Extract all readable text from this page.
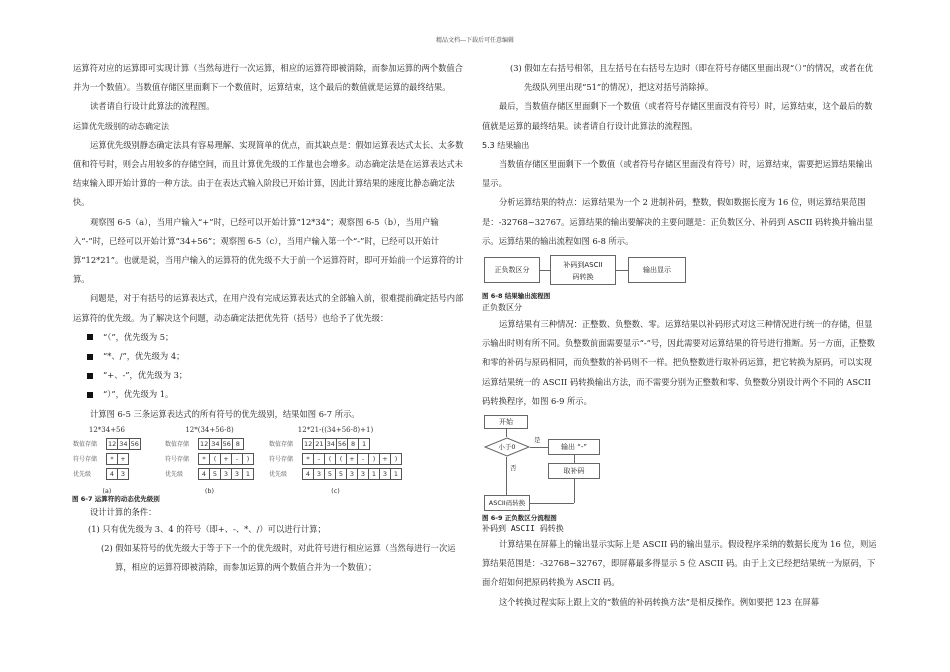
精品文档---下载后可任意编辑

运算符对应的运算即可实现计算（当然每进行一次运算，相应的运算符即被消除，而参加运算的两个数值合并为一个数值）。当数值存储区里面剩下一个数值时，运算结束，这个最后的数值就是运算的最终结果。

读者请自行设计此算法的流程图。

运算优先级别的动态确定法

运算优先级别静态确定法具有容易理解、实现简单的优点，而其缺点是：假如运算表达式太长、太多数值和符号时，则会占用较多的存储空间，而且计算优先级的工作量也会增多。动态确定法是在运算表达式未结束输入即开始计算的一种方法。由于在表达式输入阶段已开始计算，因此计算结果的速度比静态确定法快。

观察图 6-5（a），当用户输入“+”时，已经可以开始计算“12*34”；观察图 6-5（b），当用户输入“-”时，已经可以开始计算“34+56”；观察图 6-5（c），当用户输入第一个“-”时，已经可以开始计算“12*21”。也就是说，当用户输入的运算符的优先级不大于前一个运算符时，即可开始前一个运算符的计算。

问题是，对于有括号的运算表达式，在用户没有完成运算表达式的全部输入前，很难提前确定括号内部运算符的优先级。为了解决这个问题，动态确定法把优先符（括号）也给予了优先级：

“（”，优先级为 5；

“*、/”，优先级为 4；

“+、-”，优先级为 3；

“）”，优先级为 1。

计算图 6-5 三条运算表达式的所有符号的优先级别，结果如图 6-7 所示。

12*34+56
数值存储	12 34 56
符号存储	*	+
优先级	4	3
(a)
12*(34+56-8)
数值存储	12 34 56 8
符号存储	*	(	+	-	)
优先级	4	5	3	3	1
(b)
12*21-((34+56-8)+1)
数值存储	12 21 34 56 8	1
符号存储	*	-	(	(	+	-	)	+	)
优先级	4	3	5	5	3	3	1	3	1
(c)

图 6-7 运算符的动态优先级别

设计计算的条件：

(1) 只有优先级为 3、4 的符号（即+、-、*、/）可以进行计算；

(2) 假如某符号的优先级大于等于下一个的优先级时，对此符号进行相应运算（当然每进行一次运算，相应的运算符即被消除，而参加运算的两个数值合并为一个数值）；

(3) 假如左右括号相邻，且左括号在右括号左边时（即在符号存储区里面出现“（）”的情况，或者在优先级队列里出现“51”的情况），把这对括号消除掉。

最后，当数值存储区里面剩下一个数值（或者符号存储区里面没有符号）时，运算结束，这个最后的数值就是运算的最终结果。读者请自行设计此算法的流程图。

5.3 结果输出

当数值存储区里面剩下一个数值（或者符号存储区里面没有符号）时，运算结束，需要把运算结果输出显示。

分析运算结果的特点：运算结果为一个 2 进制补码，整数，假如数据长度为 16 位，则运算结果范围是：-32768~32767。运算结果的输出要解决的主要问题是：正负数区分、补码到 ASCII 码转换并输出显示。运算结果的输出流程如图 6-8 所示。

正负数区分
补码到ASCII
码转换
输出显示

图 6-8 结果输出流程图

正负数区分

运算结果有三种情况：正整数、负整数、零。运算结果以补码形式对这三种情况进行统一的存储，但显示输出时则有所不同。负整数前面需要显示“-”号，因此需要对运算结果的符号进行推断。另一方面，正整数和零的补码与原码相同，而负整数的补码则不一样。把负整数进行取补码运算，把它转换为原码，可以实现运算结果统一的 ASCII 码转换输出方法，而不需要分别为正整数和零、负整数分别设计两个不同的 ASCII 码转换程序，如图 6-9 所示。

开始
小于0
是
输出 “-”
取补码
否
ASCII码转换

图 6-9 正负数区分流程图

补码到 ASCII 码转换

计算结果在屏幕上的输出显示实际上是 ASCII 码的输出显示。假设程序采纳的数据长度为 16 位，则运算结果范围是：-32768~32767，即屏幕最多得显示 5 位 ASCII 码。由于上文已经把结果统一为原码，下面介绍如何把原码转换为 ASCII 码。

这个转换过程实际上跟上文的“数值的补码转换方法”是相反操作。例如要把 123 在屏幕
